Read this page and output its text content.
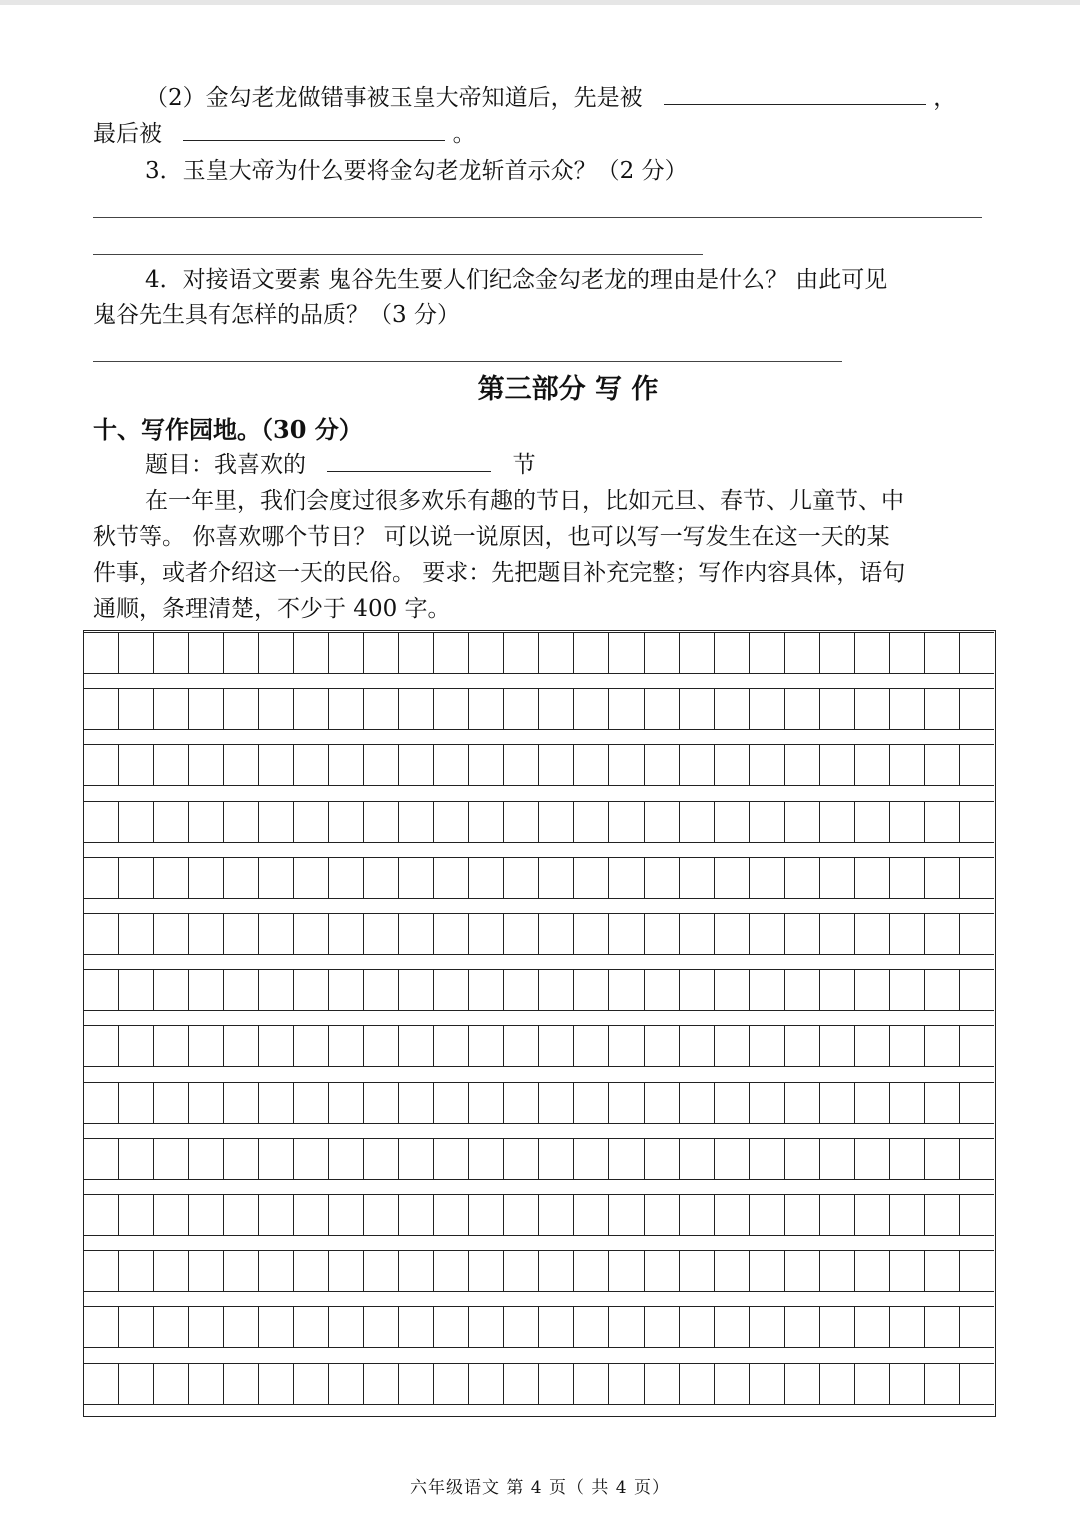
（2）金勾老龙做错事被玉皇大帝知道后，先是被	，
最后被	。
3．玉皇大帝为什么要将金勾老龙斩首示众？（2 分）
4．对接语文要素 鬼谷先生要人们纪念金勾老龙的理由是什么？ 由此可见
鬼谷先生具有怎样的品质？（3 分）
第三部分 写 作
十、写作园地。（30 分）
题目：我喜欢的	节
在一年里，我们会度过很多欢乐有趣的节日，比如元旦、春节、儿童节、中
秋节等。 你喜欢哪个节日？ 可以说一说原因，也可以写一写发生在这一天的某
件事，或者介绍这一天的民俗。 要求：先把题目补充完整；写作内容具体，语句
通顺，条理清楚，不少于 400 字。
六年级语文 第 4 页（ 共 4 页）
